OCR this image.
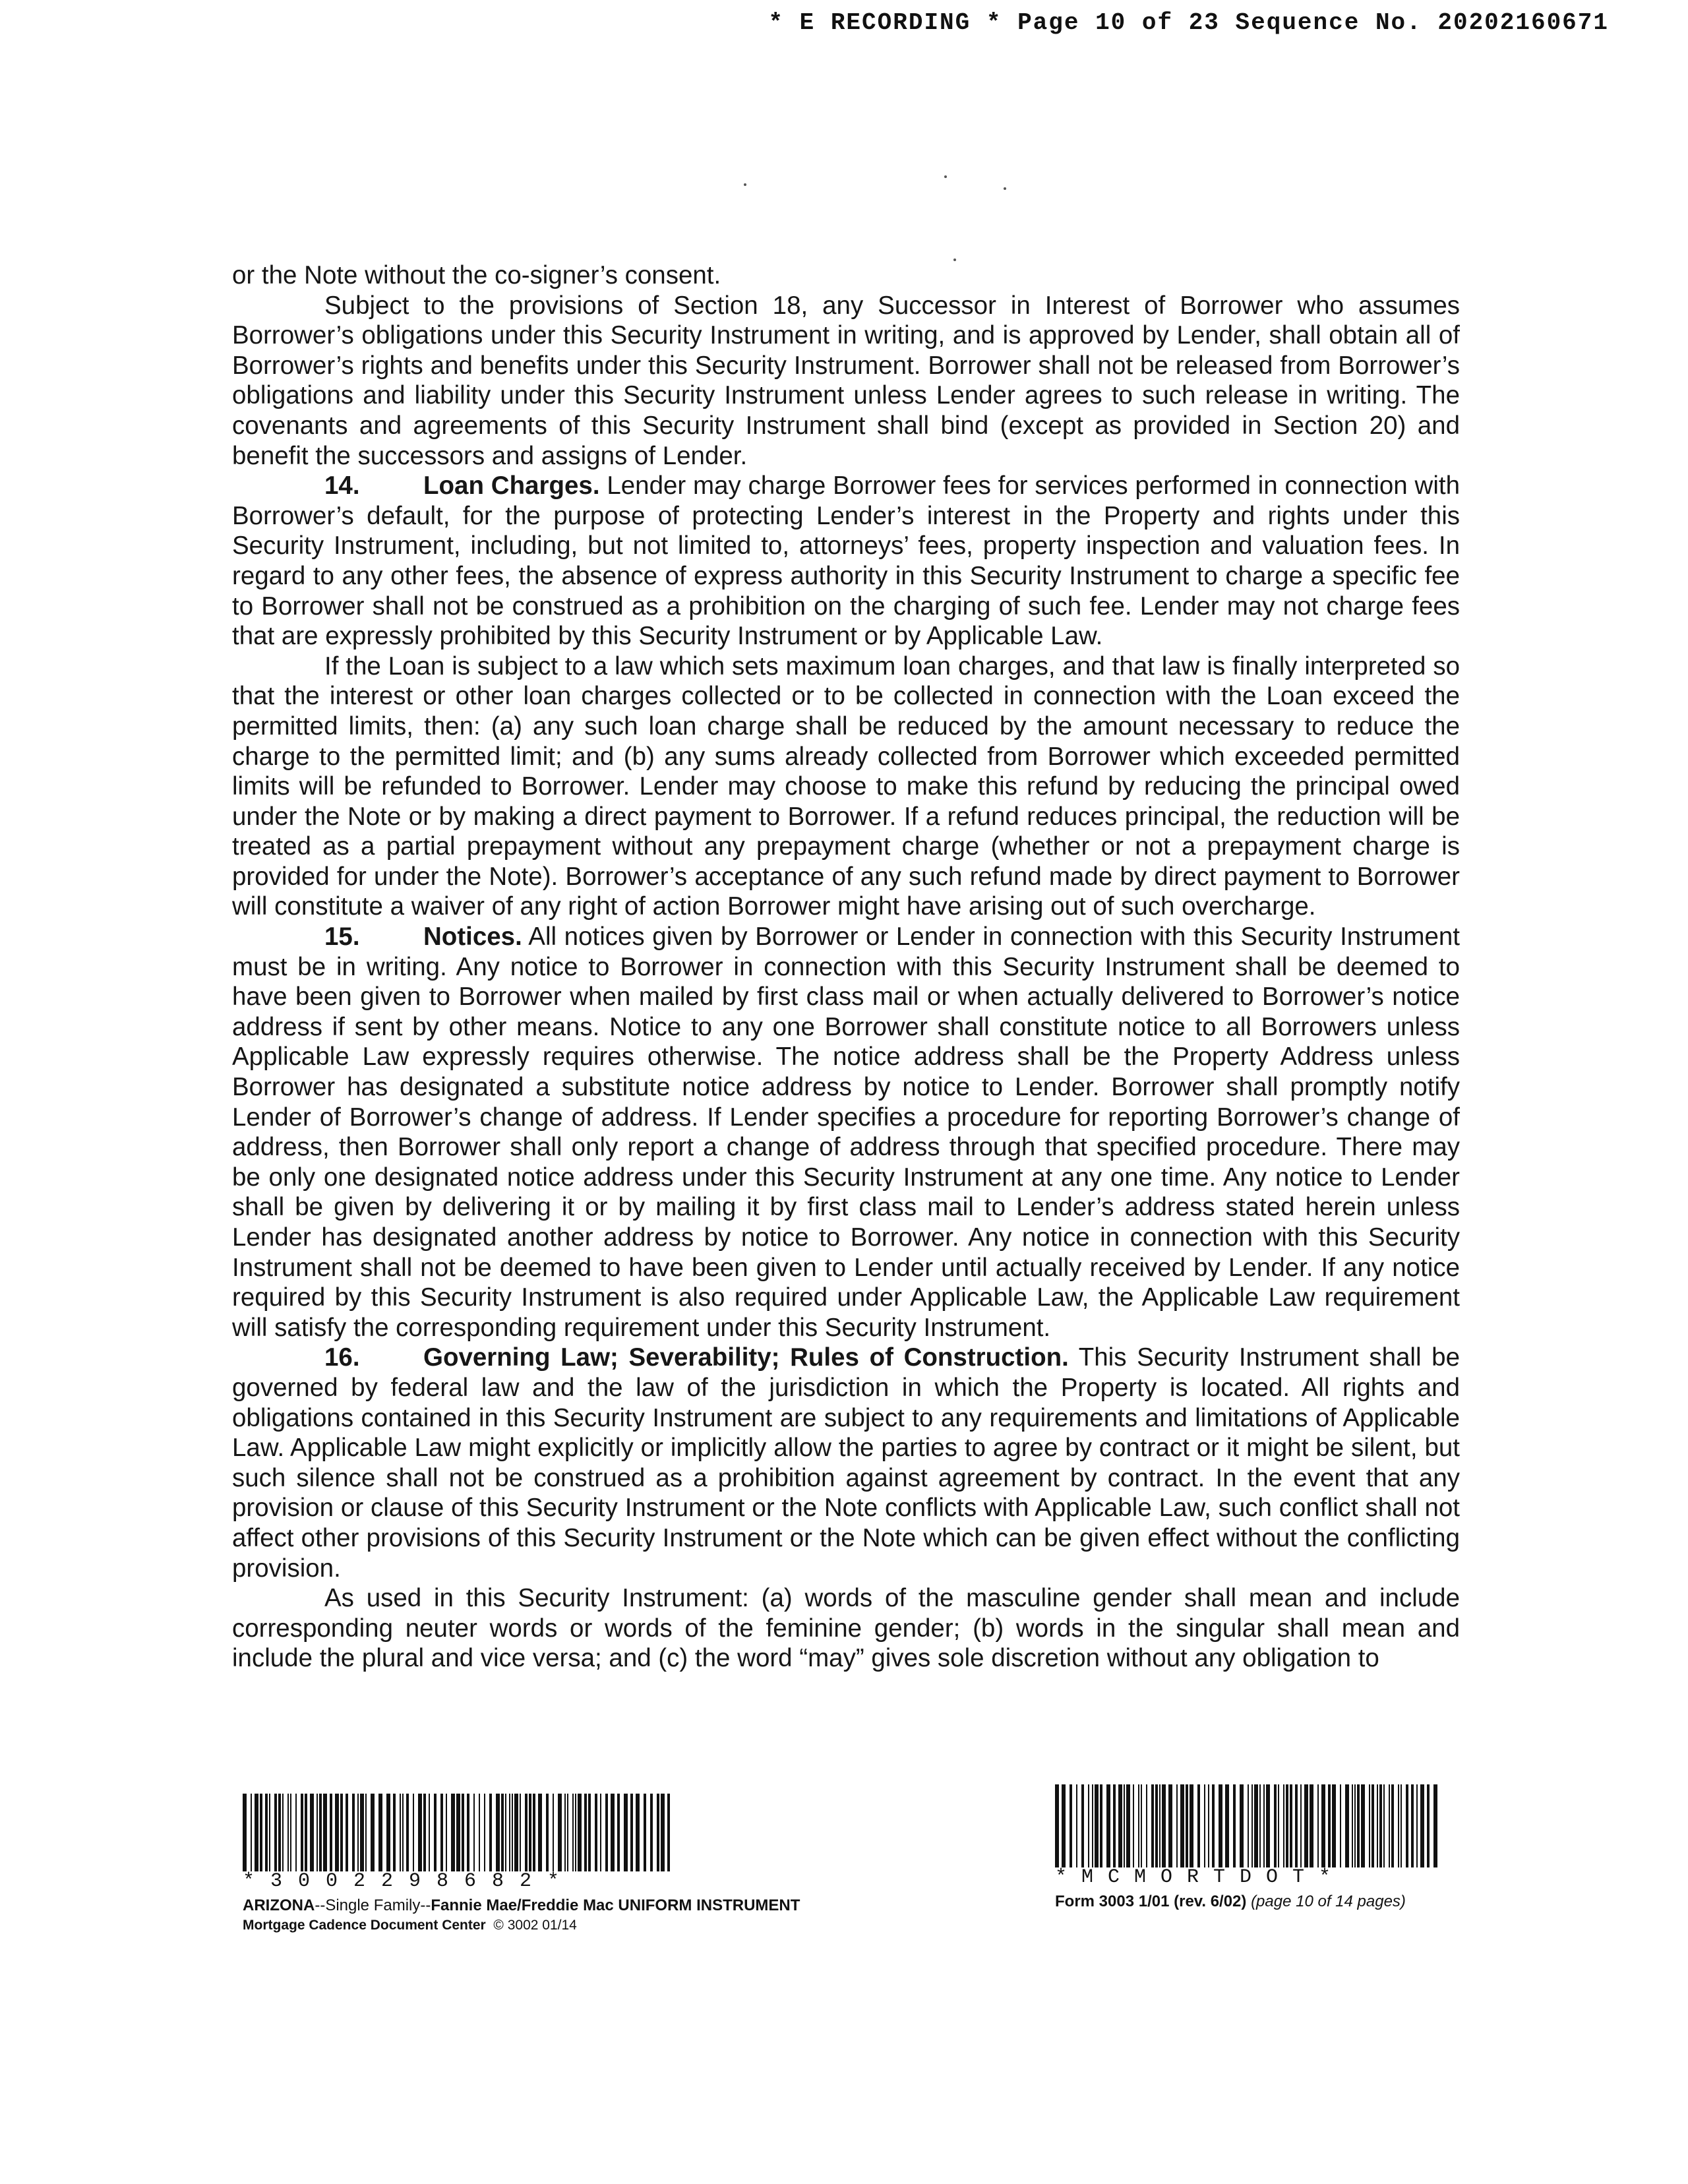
* E RECORDING * Page 10 of 23 Sequence No. 20202160671

or the Note without the co-signer’s consent.

Subject to the provisions of Section 18, any Successor in Interest of Borrower who assumes Borrower’s obligations under this Security Instrument in writing, and is approved by Lender, shall obtain all of Borrower’s rights and benefits under this Security Instrument. Borrower shall not be released from Borrower’s obligations and liability under this Security Instrument unless Lender agrees to such release in writing. The covenants and agreements of this Security Instrument shall bind (except as provided in Section 20) and benefit the successors and assigns of Lender.

14.	Loan Charges. Lender may charge Borrower fees for services performed in connection with Borrower’s default, for the purpose of protecting Lender’s interest in the Property and rights under this Security Instrument, including, but not limited to, attorneys’ fees, property inspection and valuation fees. In regard to any other fees, the absence of express authority in this Security Instrument to charge a specific fee to Borrower shall not be construed as a prohibition on the charging of such fee. Lender may not charge fees that are expressly prohibited by this Security Instrument or by Applicable Law.

If the Loan is subject to a law which sets maximum loan charges, and that law is finally interpreted so that the interest or other loan charges collected or to be collected in connection with the Loan exceed the permitted limits, then: (a) any such loan charge shall be reduced by the amount necessary to reduce the charge to the permitted limit; and (b) any sums already collected from Borrower which exceeded permitted limits will be refunded to Borrower. Lender may choose to make this refund by reducing the principal owed under the Note or by making a direct payment to Borrower. If a refund reduces principal, the reduction will be treated as a partial prepayment without any prepayment charge (whether or not a prepayment charge is provided for under the Note). Borrower’s acceptance of any such refund made by direct payment to Borrower will constitute a waiver of any right of action Borrower might have arising out of such overcharge.

15.	Notices. All notices given by Borrower or Lender in connection with this Security Instrument must be in writing. Any notice to Borrower in connection with this Security Instrument shall be deemed to have been given to Borrower when mailed by first class mail or when actually delivered to Borrower’s notice address if sent by other means. Notice to any one Borrower shall constitute notice to all Borrowers unless Applicable Law expressly requires otherwise. The notice address shall be the Property Address unless Borrower has designated a substitute notice address by notice to Lender. Borrower shall promptly notify Lender of Borrower’s change of address. If Lender specifies a procedure for reporting Borrower’s change of address, then Borrower shall only report a change of address through that specified procedure. There may be only one designated notice address under this Security Instrument at any one time. Any notice to Lender shall be given by delivering it or by mailing it by first class mail to Lender’s address stated herein unless Lender has designated another address by notice to Borrower. Any notice in connection with this Security Instrument shall not be deemed to have been given to Lender until actually received by Lender. If any notice required by this Security Instrument is also required under Applicable Law, the Applicable Law requirement will satisfy the corresponding requirement under this Security Instrument.

16.	Governing Law; Severability; Rules of Construction. This Security Instrument shall be governed by federal law and the law of the jurisdiction in which the Property is located. All rights and obligations contained in this Security Instrument are subject to any requirements and limitations of Applicable Law. Applicable Law might explicitly or implicitly allow the parties to agree by contract or it might be silent, but such silence shall not be construed as a prohibition against agreement by contract. In the event that any provision or clause of this Security Instrument or the Note conflicts with Applicable Law, such conflict shall not affect other provisions of this Security Instrument or the Note which can be given effect without the conflicting provision.

As used in this Security Instrument: (a) words of the masculine gender shall mean and include corresponding neuter words or words of the feminine gender; (b) words in the singular shall mean and include the plural and vice versa; and (c) the word “may” gives sole discretion without any obligation to

*3002298682*
ARIZONA--Single Family--Fannie Mae/Freddie Mac UNIFORM INSTRUMENT
Mortgage Cadence Document Center © 3002 01/14
*MCMORTDOT*
Form 3003 1/01 (rev. 6/02) (page 10 of 14 pages)
